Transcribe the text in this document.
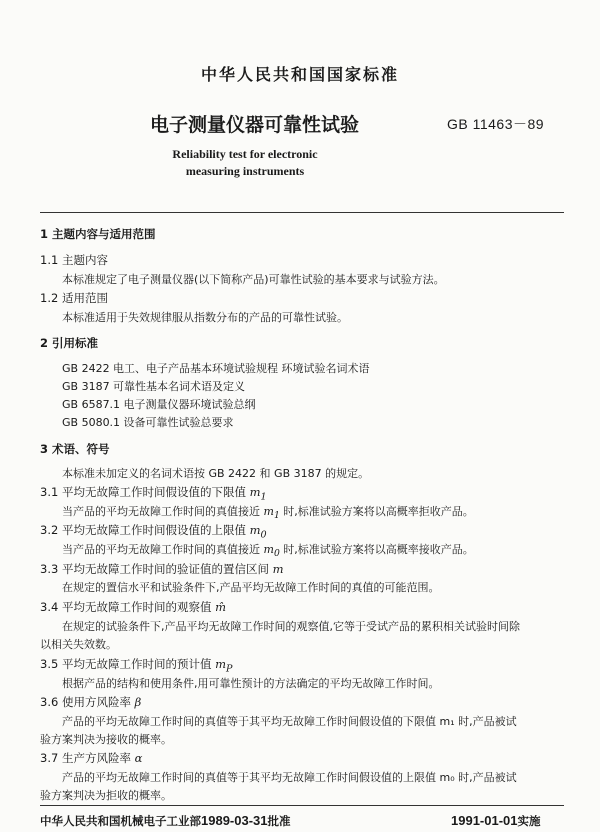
中华人民共和国国家标准
电子测量仪器可靠性试验	GB 11463－89
Reliability test for electronic
measuring instruments
1 主题内容与适用范围
1.1 主题内容
本标准规定了电子测量仪器(以下简称产品)可靠性试验的基本要求与试验方法。
1.2 适用范围
本标准适用于失效规律服从指数分布的产品的可靠性试验。
2 引用标准
GB 2422 电工、电子产品基本环境试验规程 环境试验名词术语
GB 3187 可靠性基本名词术语及定义
GB 6587.1 电子测量仪器环境试验总纲
GB 5080.1 设备可靠性试验总要求
3 术语、符号
本标准未加定义的名词术语按 GB 2422 和 GB 3187 的规定。
3.1 平均无故障工作时间假设值的下限值 $m_1$
当产品的平均无故障工作时间的真值接近 $m_1$ 时,标准试验方案将以高概率拒收产品。
3.2 平均无故障工作时间假设值的上限值 $m_0$
当产品的平均无故障工作时间的真值接近 $m_0$ 时,标准试验方案将以高概率接收产品。
3.3 平均无故障工作时间的验证值的置信区间 m
在规定的置信水平和试验条件下,产品平均无故障工作时间的真值的可能范围。
3.4 平均无故障工作时间的观察值 m̂
在规定的试验条件下,产品平均无故障工作时间的观察值,它等于受试产品的累积相关试验时间除
以相关失效数。
3.5 平均无故障工作时间的预计值 $m_P$
根据产品的结构和使用条件,用可靠性预计的方法确定的平均无故障工作时间。
3.6 使用方风险率 β
产品的平均无故障工作时间的真值等于其平均无故障工作时间假设值的下限值 m₁ 时,产品被试
验方案判决为接收的概率。
3.7 生产方风险率 α
产品的平均无故障工作时间的真值等于其平均无故障工作时间假设值的上限值 m₀ 时,产品被试
验方案判决为拒收的概率。
中华人民共和国机械电子工业部1989-03-31批准	1991-01-01实施
